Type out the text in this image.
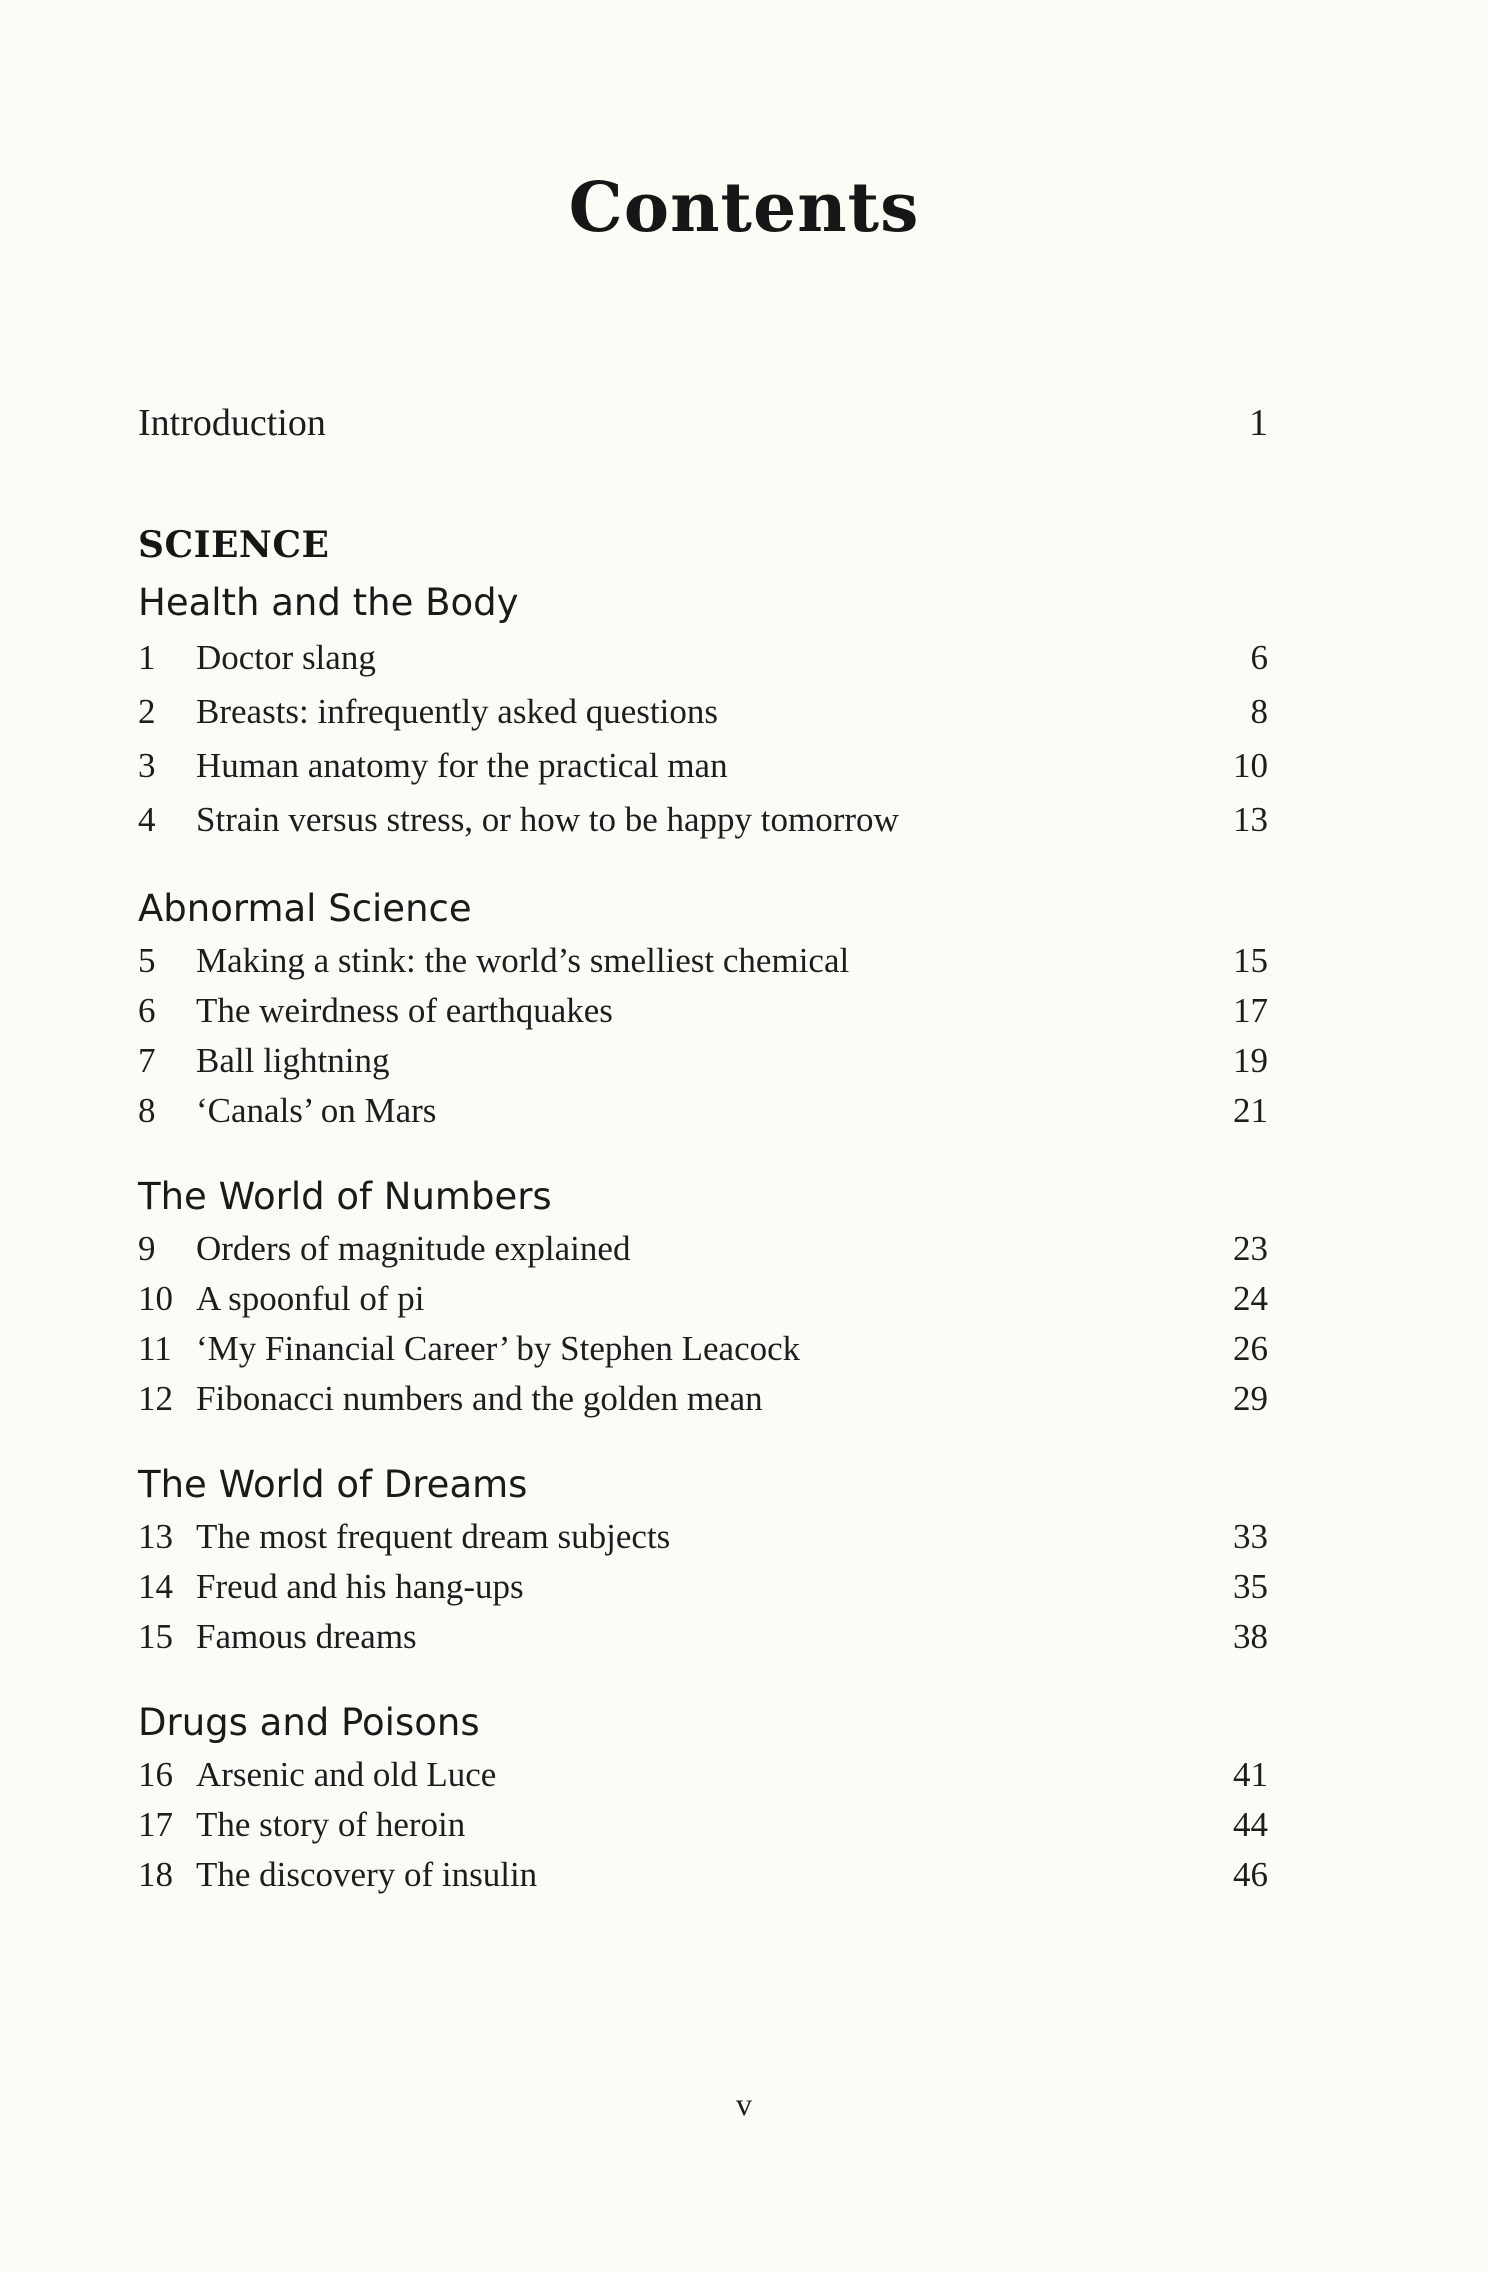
Contents
Introduction	1
SCIENCE
Health and the Body
1	Doctor slang	6
2	Breasts: infrequently asked questions	8
3	Human anatomy for the practical man	10
4	Strain versus stress, or how to be happy tomorrow	13
Abnormal Science
5	Making a stink: the world’s smelliest chemical	15
6	The weirdness of earthquakes	17
7	Ball lightning	19
8	‘Canals’ on Mars	21
The World of Numbers
9	Orders of magnitude explained	23
10 A spoonful of pi	24
11 ‘My Financial Career’ by Stephen Leacock	26
12 Fibonacci numbers and the golden mean	29
The World of Dreams
13 The most frequent dream subjects	33
14 Freud and his hang-ups	35
15 Famous dreams	38
Drugs and Poisons
16 Arsenic and old Luce	41
17 The story of heroin	44
18 The discovery of insulin	46
v
